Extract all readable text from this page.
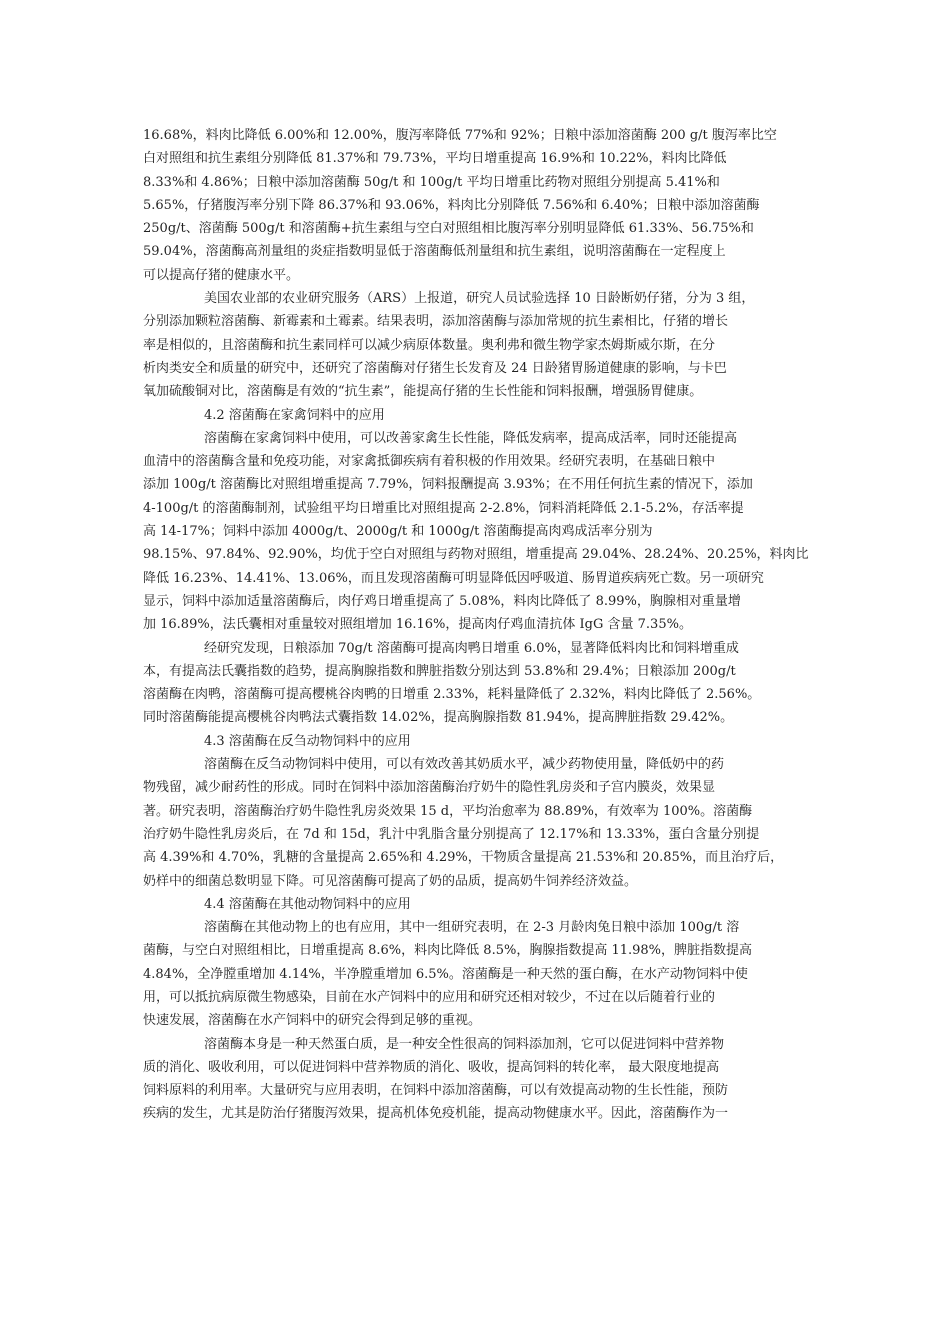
16.68%，料肉比降低 6.00%和 12.00%，腹泻率降低 77%和 92%；日粮中添加溶菌酶 200 g/t 腹泻率比空
白对照组和抗生素组分别降低 81.37%和 79.73%，平均日增重提高 16.9%和 10.22%，料肉比降低
8.33%和 4.86%；日粮中添加溶菌酶 50g/t 和 100g/t 平均日增重比药物对照组分别提高 5.41%和
5.65%，仔猪腹泻率分别下降 86.37%和 93.06%，料肉比分别降低 7.56%和 6.40%；日粮中添加溶菌酶
250g/t、溶菌酶 500g/t 和溶菌酶+抗生素组与空白对照组相比腹泻率分别明显降低 61.33%、56.75%和
59.04%，溶菌酶高剂量组的炎症指数明显低于溶菌酶低剂量组和抗生素组，说明溶菌酶在一定程度上
可以提高仔猪的健康水平。
美国农业部的农业研究服务（ARS）上报道，研究人员试验选择 10 日龄断奶仔猪，分为 3 组，
分别添加颗粒溶菌酶、新霉素和土霉素。结果表明，添加溶菌酶与添加常规的抗生素相比，仔猪的增长
率是相似的，且溶菌酶和抗生素同样可以减少病原体数量。奥利弗和微生物学家杰姆斯威尔斯，在分
析肉类安全和质量的研究中，还研究了溶菌酶对仔猪生长发育及 24 日龄猪胃肠道健康的影响，与卡巴
氧加硫酸铜对比，溶菌酶是有效的“抗生素”，能提高仔猪的生长性能和饲料报酬，增强肠胃健康。
4.2 溶菌酶在家禽饲料中的应用
溶菌酶在家禽饲料中使用，可以改善家禽生长性能，降低发病率，提高成活率，同时还能提高
血清中的溶菌酶含量和免疫功能，对家禽抵御疾病有着积极的作用效果。经研究表明，在基础日粮中
添加 100g/t 溶菌酶比对照组增重提高 7.79%，饲料报酬提高 3.93%；在不用任何抗生素的情况下，添加
4-100g/t 的溶菌酶制剂，试验组平均日增重比对照组提高 2-2.8%，饲料消耗降低 2.1-5.2%，存活率提
高 14-17%；饲料中添加 4000g/t、2000g/t 和 1000g/t 溶菌酶提高肉鸡成活率分别为
98.15%、97.84%、92.90%，均优于空白对照组与药物对照组，增重提高 29.04%、28.24%、20.25%，料肉比
降低 16.23%、14.41%、13.06%，而且发现溶菌酶可明显降低因呼吸道、肠胃道疾病死亡数。另一项研究
显示，饲料中添加适量溶菌酶后，肉仔鸡日增重提高了 5.08%，料肉比降低了 8.99%，胸腺相对重量增
加 16.89%，法氏囊相对重量较对照组增加 16.16%，提高肉仔鸡血清抗体 IgG 含量 7.35%。
经研究发现，日粮添加 70g/t 溶菌酶可提高肉鸭日增重 6.0%，显著降低料肉比和饲料增重成
本，有提高法氏囊指数的趋势，提高胸腺指数和脾脏指数分别达到 53.8%和 29.4%；日粮添加 200g/t
溶菌酶在肉鸭，溶菌酶可提高樱桃谷肉鸭的日增重 2.33%，耗料量降低了 2.32%，料肉比降低了 2.56%。
同时溶菌酶能提高樱桃谷肉鸭法式囊指数 14.02%，提高胸腺指数 81.94%，提高脾脏指数 29.42%。
4.3 溶菌酶在反刍动物饲料中的应用
溶菌酶在反刍动物饲料中使用，可以有效改善其奶质水平，减少药物使用量，降低奶中的药
物残留，减少耐药性的形成。同时在饲料中添加溶菌酶治疗奶牛的隐性乳房炎和子宫内膜炎，效果显
著。研究表明，溶菌酶治疗奶牛隐性乳房炎效果 15 d，平均治愈率为 88.89%，有效率为 100%。溶菌酶
治疗奶牛隐性乳房炎后，在 7d 和 15d，乳汁中乳脂含量分别提高了 12.17%和 13.33%，蛋白含量分别提
高 4.39%和 4.70%，乳糖的含量提高 2.65%和 4.29%，干物质含量提高 21.53%和 20.85%，而且治疗后，
奶样中的细菌总数明显下降。可见溶菌酶可提高了奶的品质，提高奶牛饲养经济效益。
4.4 溶菌酶在其他动物饲料中的应用
溶菌酶在其他动物上的也有应用，其中一组研究表明，在 2-3 月龄肉兔日粮中添加 100g/t 溶
菌酶，与空白对照组相比，日增重提高 8.6%，料肉比降低 8.5%，胸腺指数提高 11.98%，脾脏指数提高
4.84%，全净膛重增加 4.14%，半净膛重增加 6.5%。溶菌酶是一种天然的蛋白酶，在水产动物饲料中使
用，可以抵抗病原微生物感染，目前在水产饲料中的应用和研究还相对较少，不过在以后随着行业的
快速发展，溶菌酶在水产饲料中的研究会得到足够的重视。
溶菌酶本身是一种天然蛋白质，是一种安全性很高的饲料添加剂，它可以促进饲料中营养物
质的消化、吸收利用，可以促进饲料中营养物质的消化、吸收，提高饲料的转化率， 最大限度地提高
饲料原料的利用率。大量研究与应用表明，在饲料中添加溶菌酶，可以有效提高动物的生长性能，预防
疾病的发生，尤其是防治仔猪腹泻效果，提高机体免疫机能，提高动物健康水平。因此，溶菌酶作为一
